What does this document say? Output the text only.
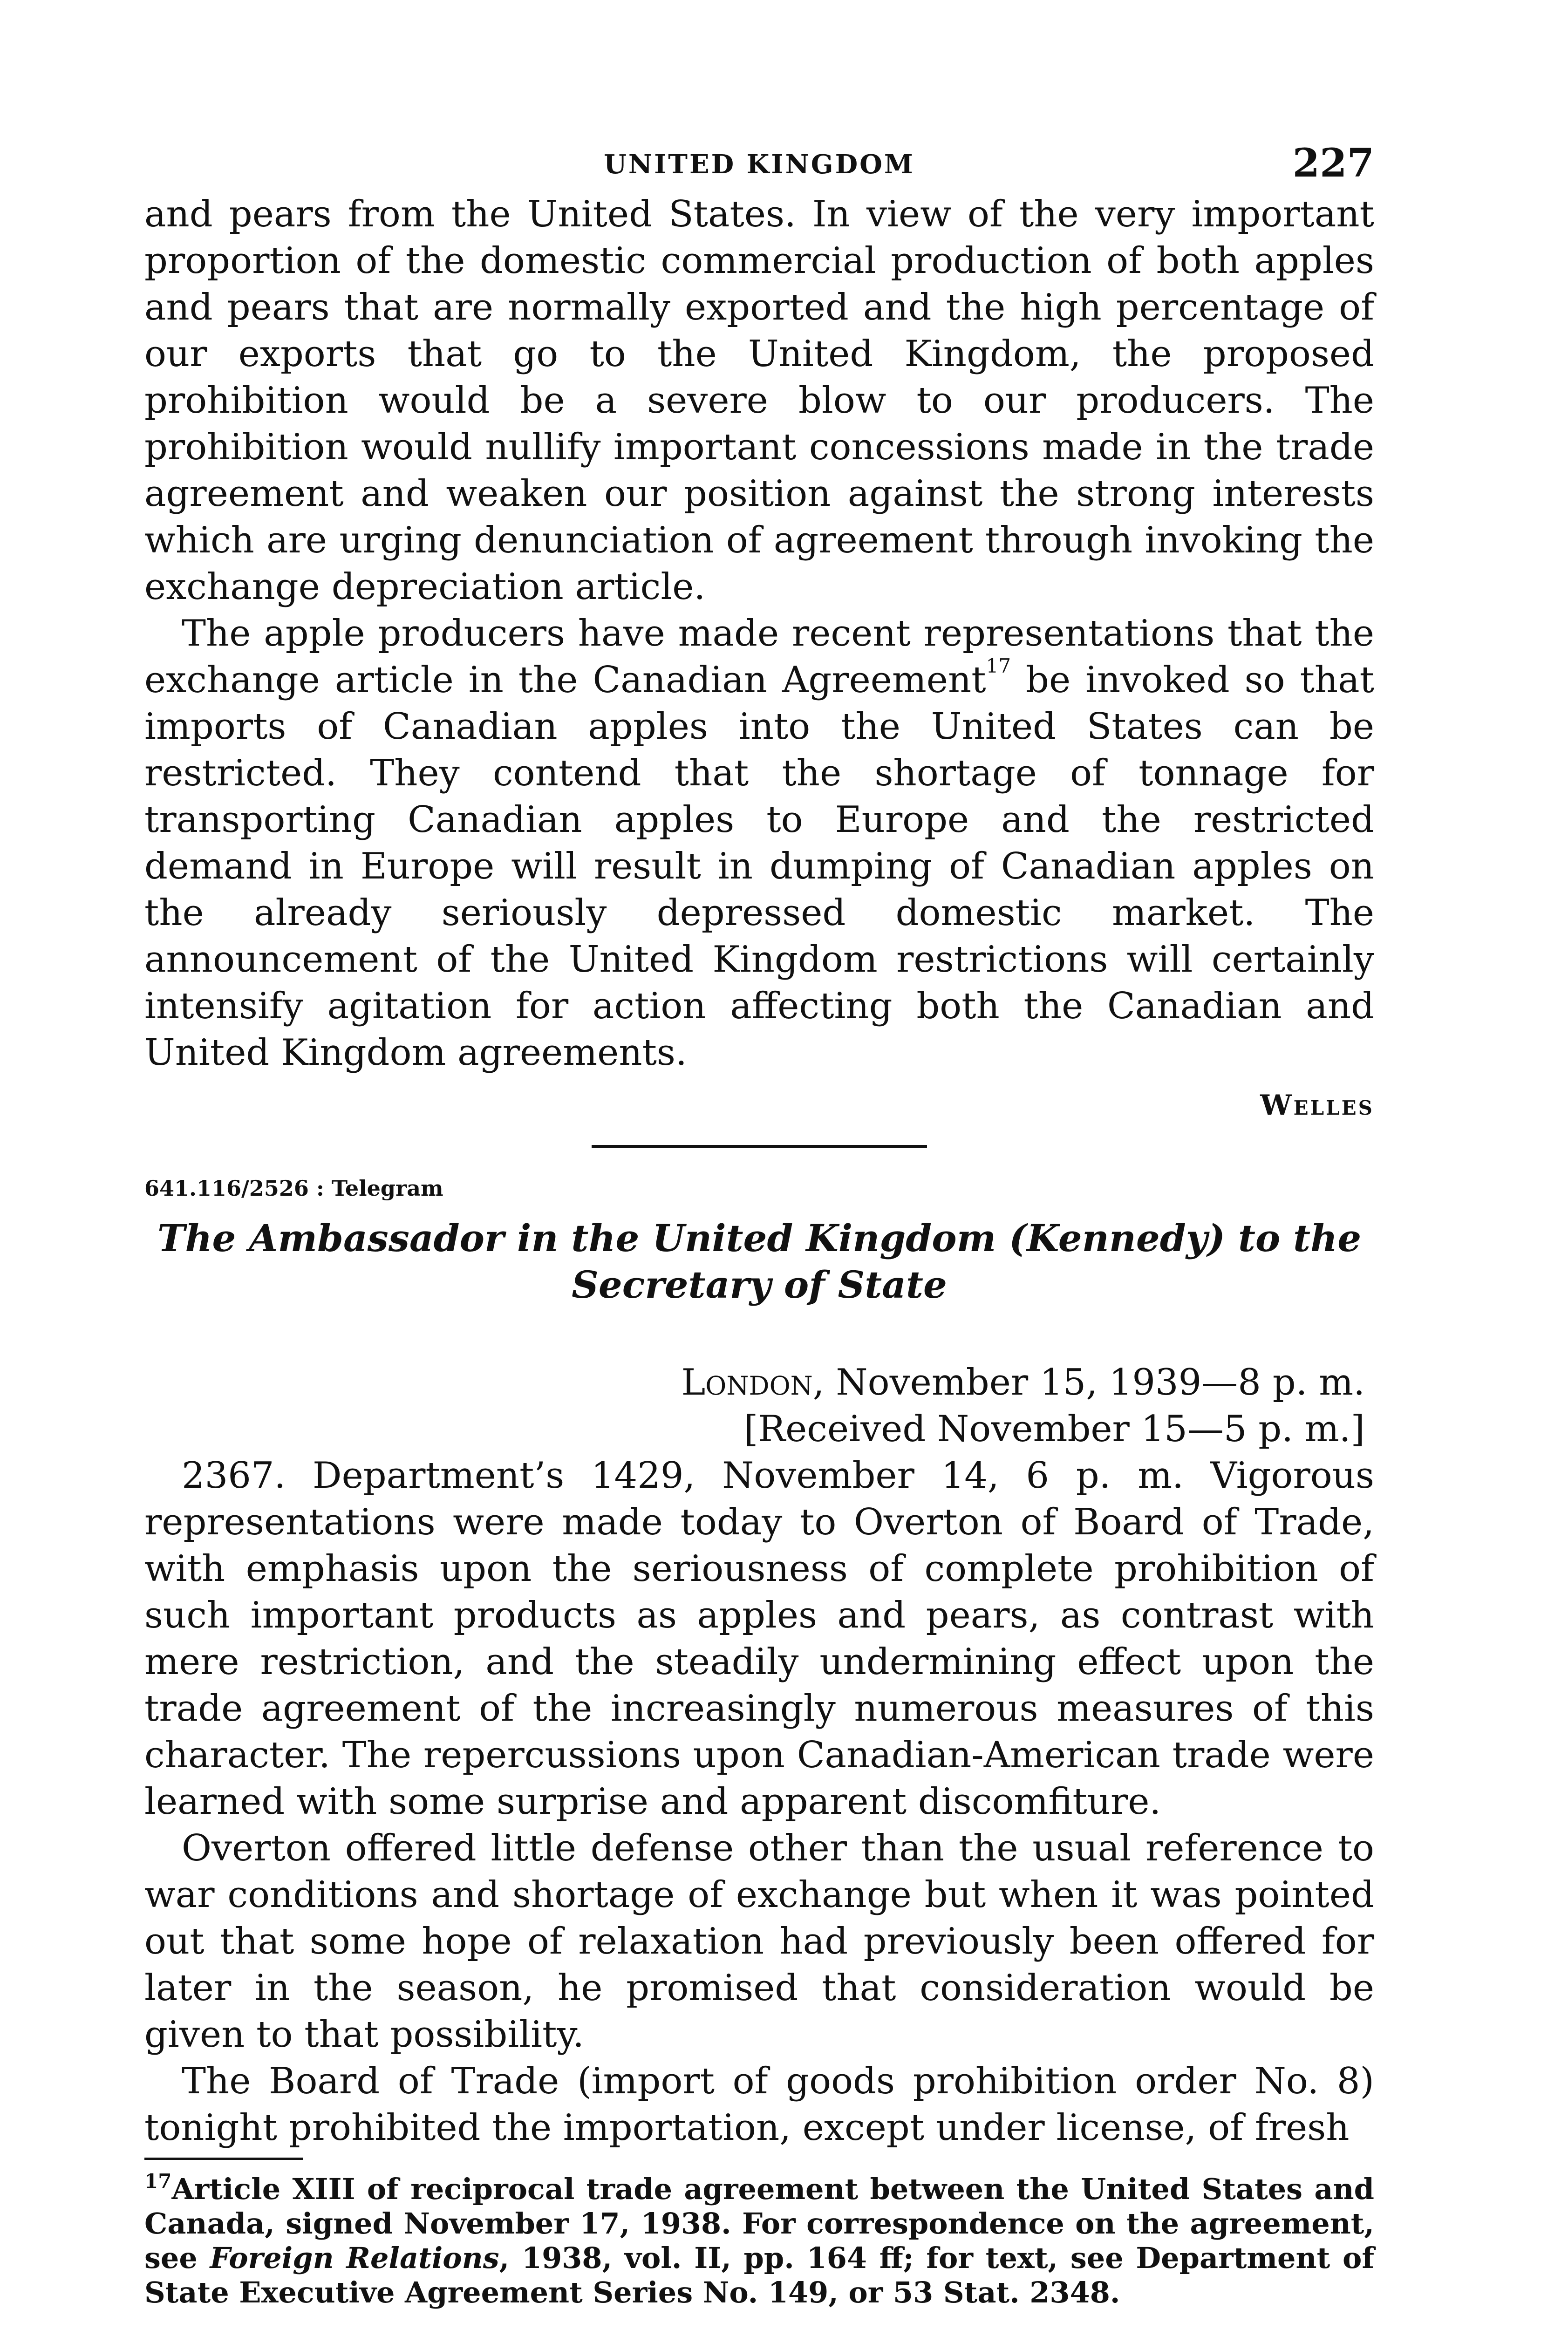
UNITED KINGDOM	227

and pears from the United States. In view of the very important proportion of the domestic commercial production of both apples and pears that are normally exported and the high percentage of our exports that go to the United Kingdom, the proposed prohibition would be a severe blow to our producers. The prohibition would nullify important concessions made in the trade agreement and weaken our position against the strong interests which are urging denunciation of agreement through invoking the exchange depreciation article.

The apple producers have made recent representations that the exchange article in the Canadian Agreement$^{17}$ be invoked so that imports of Canadian apples into the United States can be restricted. They contend that the shortage of tonnage for transporting Canadian apples to Europe and the restricted demand in Europe will result in dumping of Canadian apples on the already seriously depressed domestic market. The announcement of the United Kingdom restrictions will certainly intensify agitation for action affecting both the Canadian and United Kingdom agreements.

Welles
641.116/2526 : Telegram
The Ambassador in the United Kingdom (Kennedy) to the Secretary of State
London, November 15, 1939—8 p. m.
[Received November 15—5 p. m.]

2367. Department’s 1429, November 14, 6 p. m. Vigorous representations were made today to Overton of Board of Trade, with emphasis upon the seriousness of complete prohibition of such important products as apples and pears, as contrast with mere restriction, and the steadily undermining effect upon the trade agreement of the increasingly numerous measures of this character. The repercussions upon Canadian-American trade were learned with some surprise and apparent discomfiture.

Overton offered little defense other than the usual reference to war conditions and shortage of exchange but when it was pointed out that some hope of relaxation had previously been offered for later in the season, he promised that consideration would be given to that possibility.

The Board of Trade (import of goods prohibition order No. 8) tonight prohibited the importation, except under license, of fresh

$^{17}$Article XIII of reciprocal trade agreement between the United States and Canada, signed November 17, 1938. For correspondence on the agreement, see Foreign Relations, 1938, vol. II, pp. 164 ff; for text, see Department of State Executive Agreement Series No. 149, or 53 Stat. 2348.
